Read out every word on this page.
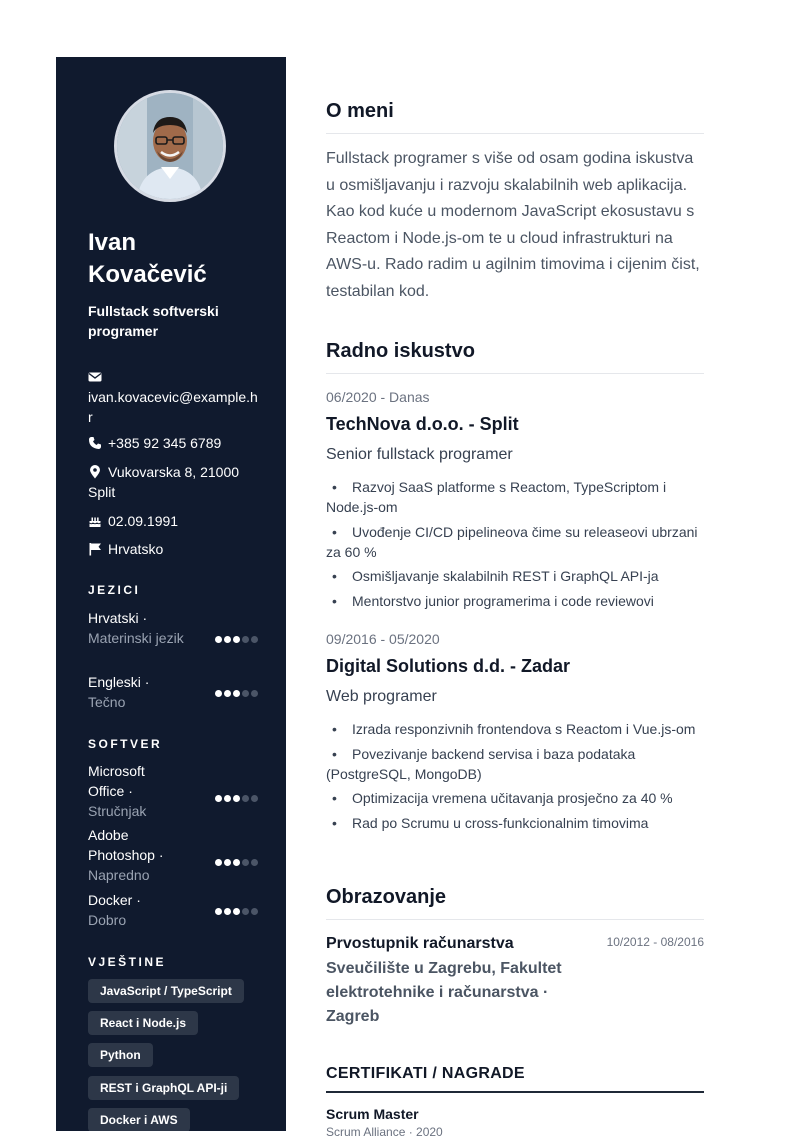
Ivan
Kovačević
Fullstack softverski programer

ivan.kovacevic@example.hr
+385 92 345 6789
Vukovarska 8, 21000 Split
02.09.1991
Hrvatsko
JEZICI
Hrvatski · Materinski jezik
Engleski · Tečno
SOFTVER
Microsoft Office · Stručnjak
Adobe Photoshop · Napredno
Docker · Dobro
VJEŠTINE
JavaScript / TypeScript
React i Node.js
Python
REST i GraphQL API-ji
Docker i AWS
O meni

Fullstack programer s više od osam godina iskustva u osmišljavanju i razvoju skalabilnih web aplikacija. Kao kod kuće u modernom JavaScript ekosustavu s Reactom i Node.js-om te u cloud infrastrukturi na AWS-u. Rado radim u agilnim timovima i cijenim čist, testabilan kod.

Radno iskustvo
06/2020 - Danas
TechNova d.o.o. - Split
Senior fullstack programer
• Razvoj SaaS platforme s Reactom, TypeScriptom i Node.js-om
• Uvođenje CI/CD pipelineova čime su releaseovi ubrzani za 60 %
• Osmišljavanje skalabilnih REST i GraphQL API-ja
• Mentorstvo junior programerima i code reviewovi
09/2016 - 05/2020
Digital Solutions d.d. - Zadar
Web programer
• Izrada responzivnih frontendova s Reactom i Vue.js-om
• Povezivanje backend servisa i baza podataka (PostgreSQL, MongoDB)
• Optimizacija vremena učitavanja prosječno za 40 %
• Rad po Scrumu u cross-funkcionalnim timovima
Obrazovanje
Prvostupnik računarstva	10/2012 - 08/2016
Sveučilište u Zagrebu, Fakultet elektrotehnike i računarstva · Zagreb
CERTIFIKATI / NAGRADE
Scrum Master
Scrum Alliance · 2020
